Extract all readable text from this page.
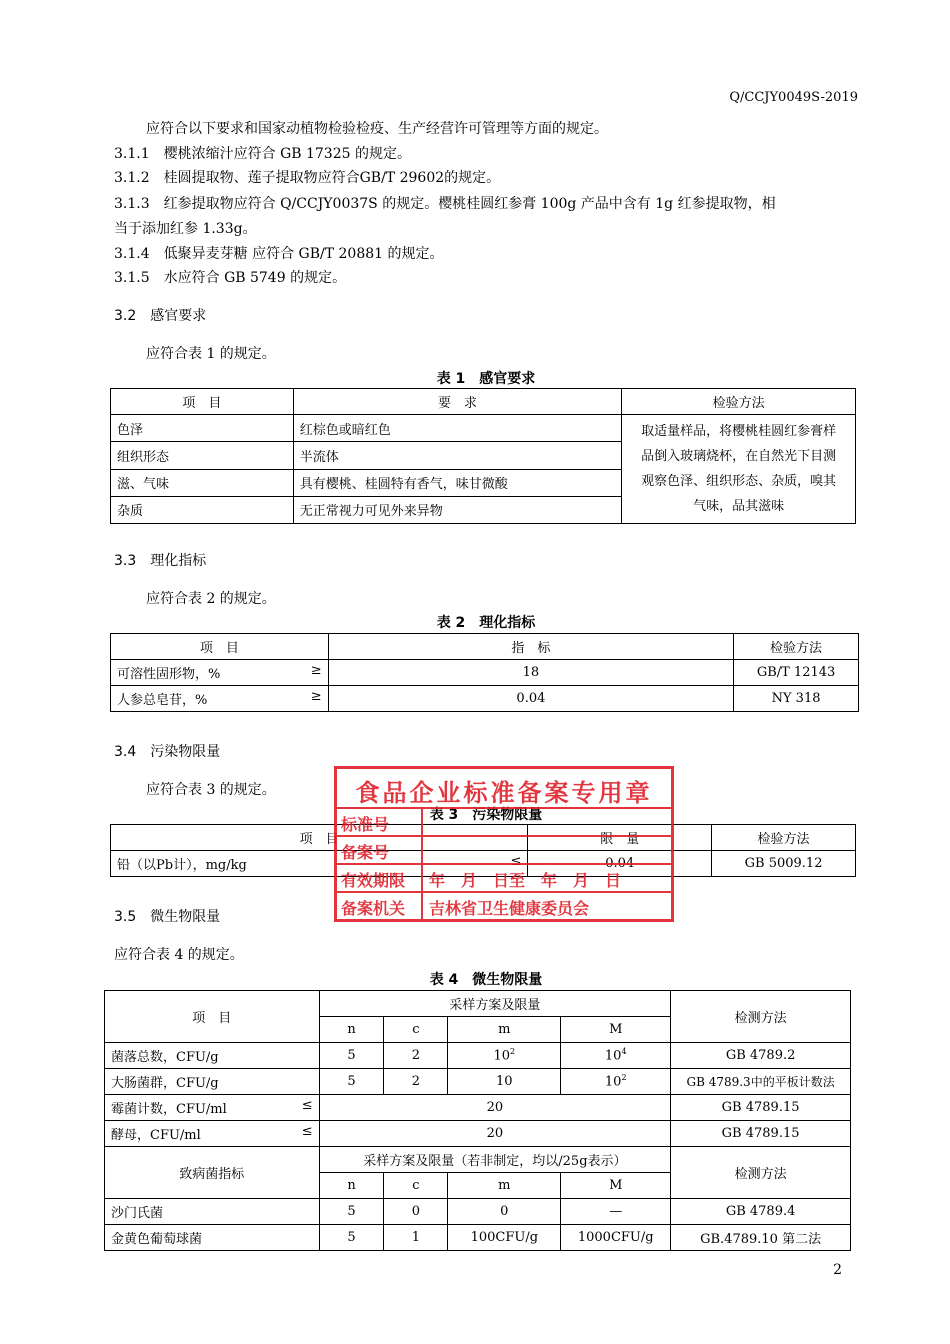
Q/CCJY0049S-2019
应符合以下要求和国家动植物检验检疫、生产经营许可管理等方面的规定。
3.1.1　樱桃浓缩汁应符合 GB 17325 的规定。
3.1.2　桂圆提取物、莲子提取物应符合GB/T 29602的规定。
3.1.3　红参提取物应符合 Q/CCJY0037S 的规定。樱桃桂圆红参膏 100g 产品中含有 1g 红参提取物，相
当于添加红参 1.33g。
3.1.4　低聚异麦芽糖 应符合 GB/T 20881 的规定。
3.1.5　水应符合 GB 5749 的规定。
3.2　感官要求
应符合表 1 的规定。
表 1　感官要求
项　目	要　求	检验方法
色泽	红棕色或暗红色	取适量样品，将樱桃桂圆红参膏样
品倒入玻璃烧杯，在自然光下目测
观察色泽、组织形态、杂质，嗅其
气味，品其滋味

组织形态	半流体	
滋、气味	具有樱桃、桂圆特有香气，味甘微酸	
杂质	无正常视力可见外来异物	
3.3　理化指标
应符合表 2 的规定。
表 2　理化指标
项　目	指　标	检验方法
可溶性固形物，% ≥	18	GB/T 12143
人参总皂苷，% ≥	0.04	NY 318
3.4　污染物限量
应符合表 3 的规定。
表 3　污染物限量
项　目	限　量	检验方法
铅（以Pb计），mg/kg ≤	0.04	GB 5009.12
食品企业标准备案专用章
标准号
备案号
有效期限	年　月　日至　年　月　日
备案机关	吉林省卫生健康委员会
3.5　微生物限量
应符合表 4 的规定。
表 4　微生物限量
项　目	采样方案及限量				检测方法
	n	c	m	M	
菌落总数，CFU/g	5	2	$10^2$	$10^4$	GB 4789.2
大肠菌群，CFU/g	5	2	10	$10^2$	GB 4789.3中的平板计数法
霉菌计数，CFU/ml ≤	20				GB 4789.15
酵母，CFU/ml ≤	20				GB 4789.15
致病菌指标	采样方案及限量（若非制定，均以/25g表示）				检测方法
	n	c	m	M	
沙门氏菌	5	0	0	—	GB 4789.4
金黄色葡萄球菌	5	1	100CFU/g	1000CFU/g	GB.4789.10 第二法
2
